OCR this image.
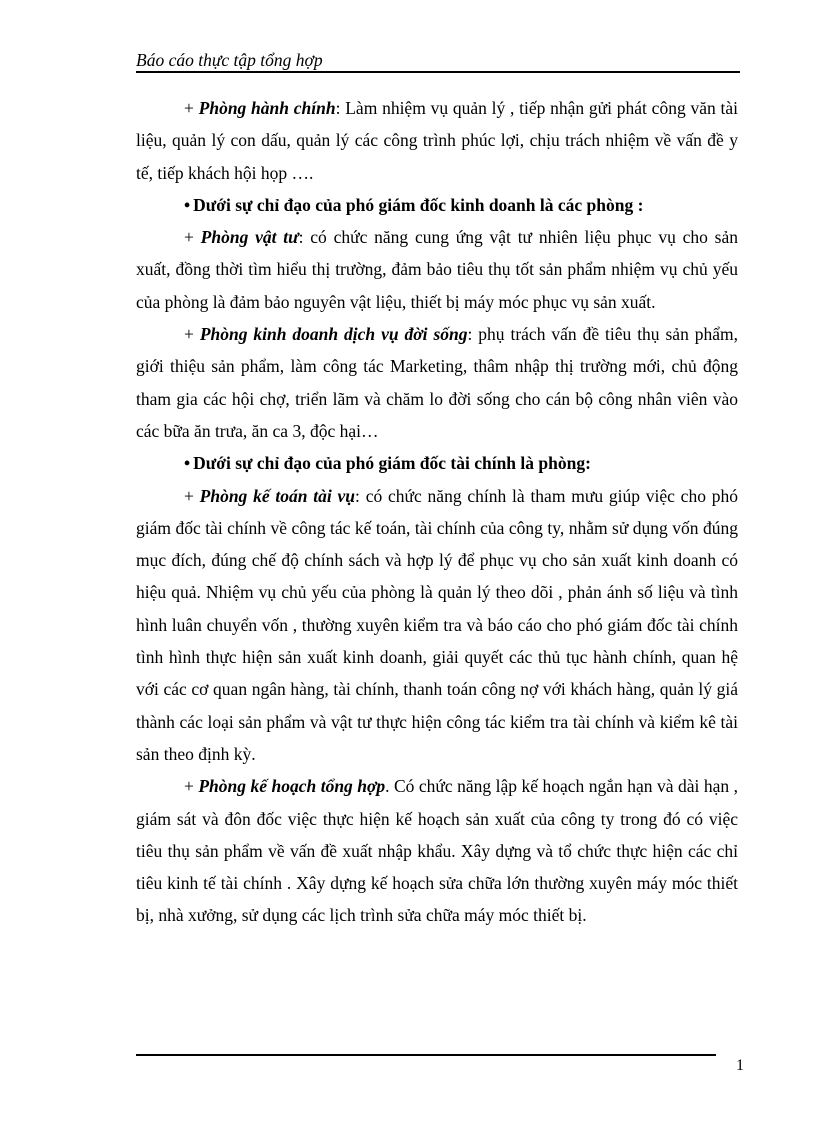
Báo cáo thực tập tổng hợp

+ Phòng hành chính: Làm nhiệm vụ quản lý , tiếp nhận gửi phát công văn tài liệu, quản lý con dấu, quản lý các công trình phúc lợi, chịu trách nhiệm về vấn đề y tế, tiếp khách hội họp ….

• Dưới sự chỉ đạo của phó giám đốc kinh doanh là các phòng :

+ Phòng vật tư: có chức năng cung ứng vật tư nhiên liệu phục vụ cho sản xuất, đồng thời tìm hiểu thị trường, đảm bảo tiêu thụ tốt sản phẩm nhiệm vụ chủ yếu của phòng là đảm bảo nguyên vật liệu, thiết bị máy móc phục vụ sản xuất.

+ Phòng kinh doanh dịch vụ đời sống: phụ trách vấn đề tiêu thụ sản phẩm, giới thiệu sản phẩm, làm công tác Marketing, thâm nhập thị trường mới, chủ động tham gia các hội chợ, triển lãm và chăm lo đời sống cho cán bộ công nhân viên vào các bữa ăn trưa, ăn ca 3, độc hại…

• Dưới sự chỉ đạo của phó giám đốc tài chính là phòng:

+ Phòng kế toán tài vụ: có chức năng chính là tham mưu giúp việc cho phó giám đốc tài chính về công tác kế toán, tài chính của công ty, nhằm sử dụng vốn đúng mục đích, đúng chế độ chính sách và hợp lý để phục vụ cho sản xuất kinh doanh có hiệu quả. Nhiệm vụ chủ yếu của phòng là quản lý theo dõi , phản ánh số liệu và tình hình luân chuyển vốn , thường xuyên kiểm tra và báo cáo cho phó giám đốc tài chính tình hình thực hiện sản xuất kinh doanh, giải quyết các thủ tục hành chính, quan hệ với các cơ quan ngân hàng, tài chính, thanh toán công nợ với khách hàng, quản lý giá thành các loại sản phẩm và vật tư thực hiện công tác kiểm tra tài chính và kiểm kê tài sản theo định kỳ.

+ Phòng kế hoạch tổng hợp. Có chức năng lập kế hoạch ngắn hạn và dài hạn , giám sát và đôn đốc việc thực hiện kế hoạch sản xuất của công ty trong đó có việc tiêu thụ sản phẩm về vấn đề xuất nhập khẩu. Xây dựng và tổ chức thực hiện các chỉ tiêu kinh tế tài chính . Xây dựng kế hoạch sửa chữa lớn thường xuyên máy móc thiết bị, nhà xưởng, sử dụng các lịch trình sửa chữa máy móc thiết bị.

1
